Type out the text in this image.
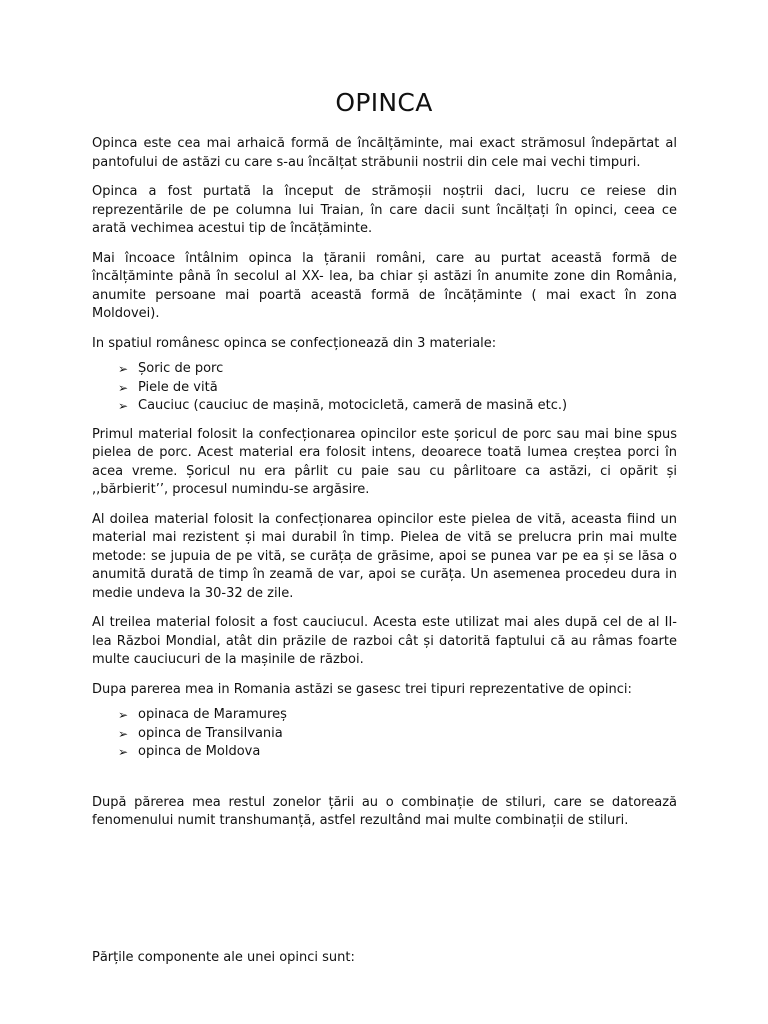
OPINCA

Opinca este cea mai arhaică formă de încălțăminte, mai exact strămosul îndepărtat al pantofului de astăzi cu care s-au încălțat străbunii nostrii din cele mai vechi timpuri.

Opinca a fost purtată la început de strămoșii noștrii daci, lucru ce reiese din reprezentările de pe columna lui Traian, în care dacii sunt încălțați în opinci, ceea ce arată vechimea acestui tip de încățăminte.

Mai încoace întâlnim opinca la țăranii români, care au purtat această formă de încălțăminte până în secolul al XX- lea, ba chiar și astăzi în anumite zone din România, anumite persoane mai poartă această formă de încățăminte ( mai exact în zona Moldovei).

In spatiul românesc opinca se confecționează din 3 materiale:

➢ Șoric de porc
➢ Piele de vită
➢ Cauciuc (cauciuc de mașină, motocicletă, cameră de masină etc.)

Primul material folosit la confecționarea opincilor este șoricul de porc sau mai bine spus pielea de porc. Acest material era folosit intens, deoarece toată lumea creștea porci în acea vreme. Șoricul nu era pârlit cu paie sau cu pârlitoare ca astăzi, ci opărit și ,,bărbierit’’, procesul numindu-se argăsire.

Al doilea material folosit la confecționarea opincilor este pielea de vită, aceasta fiind un material mai rezistent și mai durabil în timp. Pielea de vită se prelucra prin mai multe metode: se jupuia de pe vită, se curăța de grăsime, apoi se punea var pe ea și se lăsa o anumită durată de timp în zeamă de var, apoi se curăța. Un asemenea procedeu dura in medie undeva la 30-32 de zile.

Al treilea material folosit a fost cauciucul. Acesta este utilizat mai ales după cel de al II-lea Război Mondial, atât din prăzile de razboi cât și datorită faptului că au râmas foarte multe cauciucuri de la mașinile de război.

Dupa parerea mea in Romania astăzi se gasesc trei tipuri reprezentative de opinci:

➢ opinaca de Maramureș
➢ opinca de Transilvania
➢ opinca de Moldova

După părerea mea restul zonelor țării au o combinație de stiluri, care se datorează fenomenului numit transhumanță, astfel rezultând mai multe combinații de stiluri.

Părțile componente ale unei opinci sunt:
